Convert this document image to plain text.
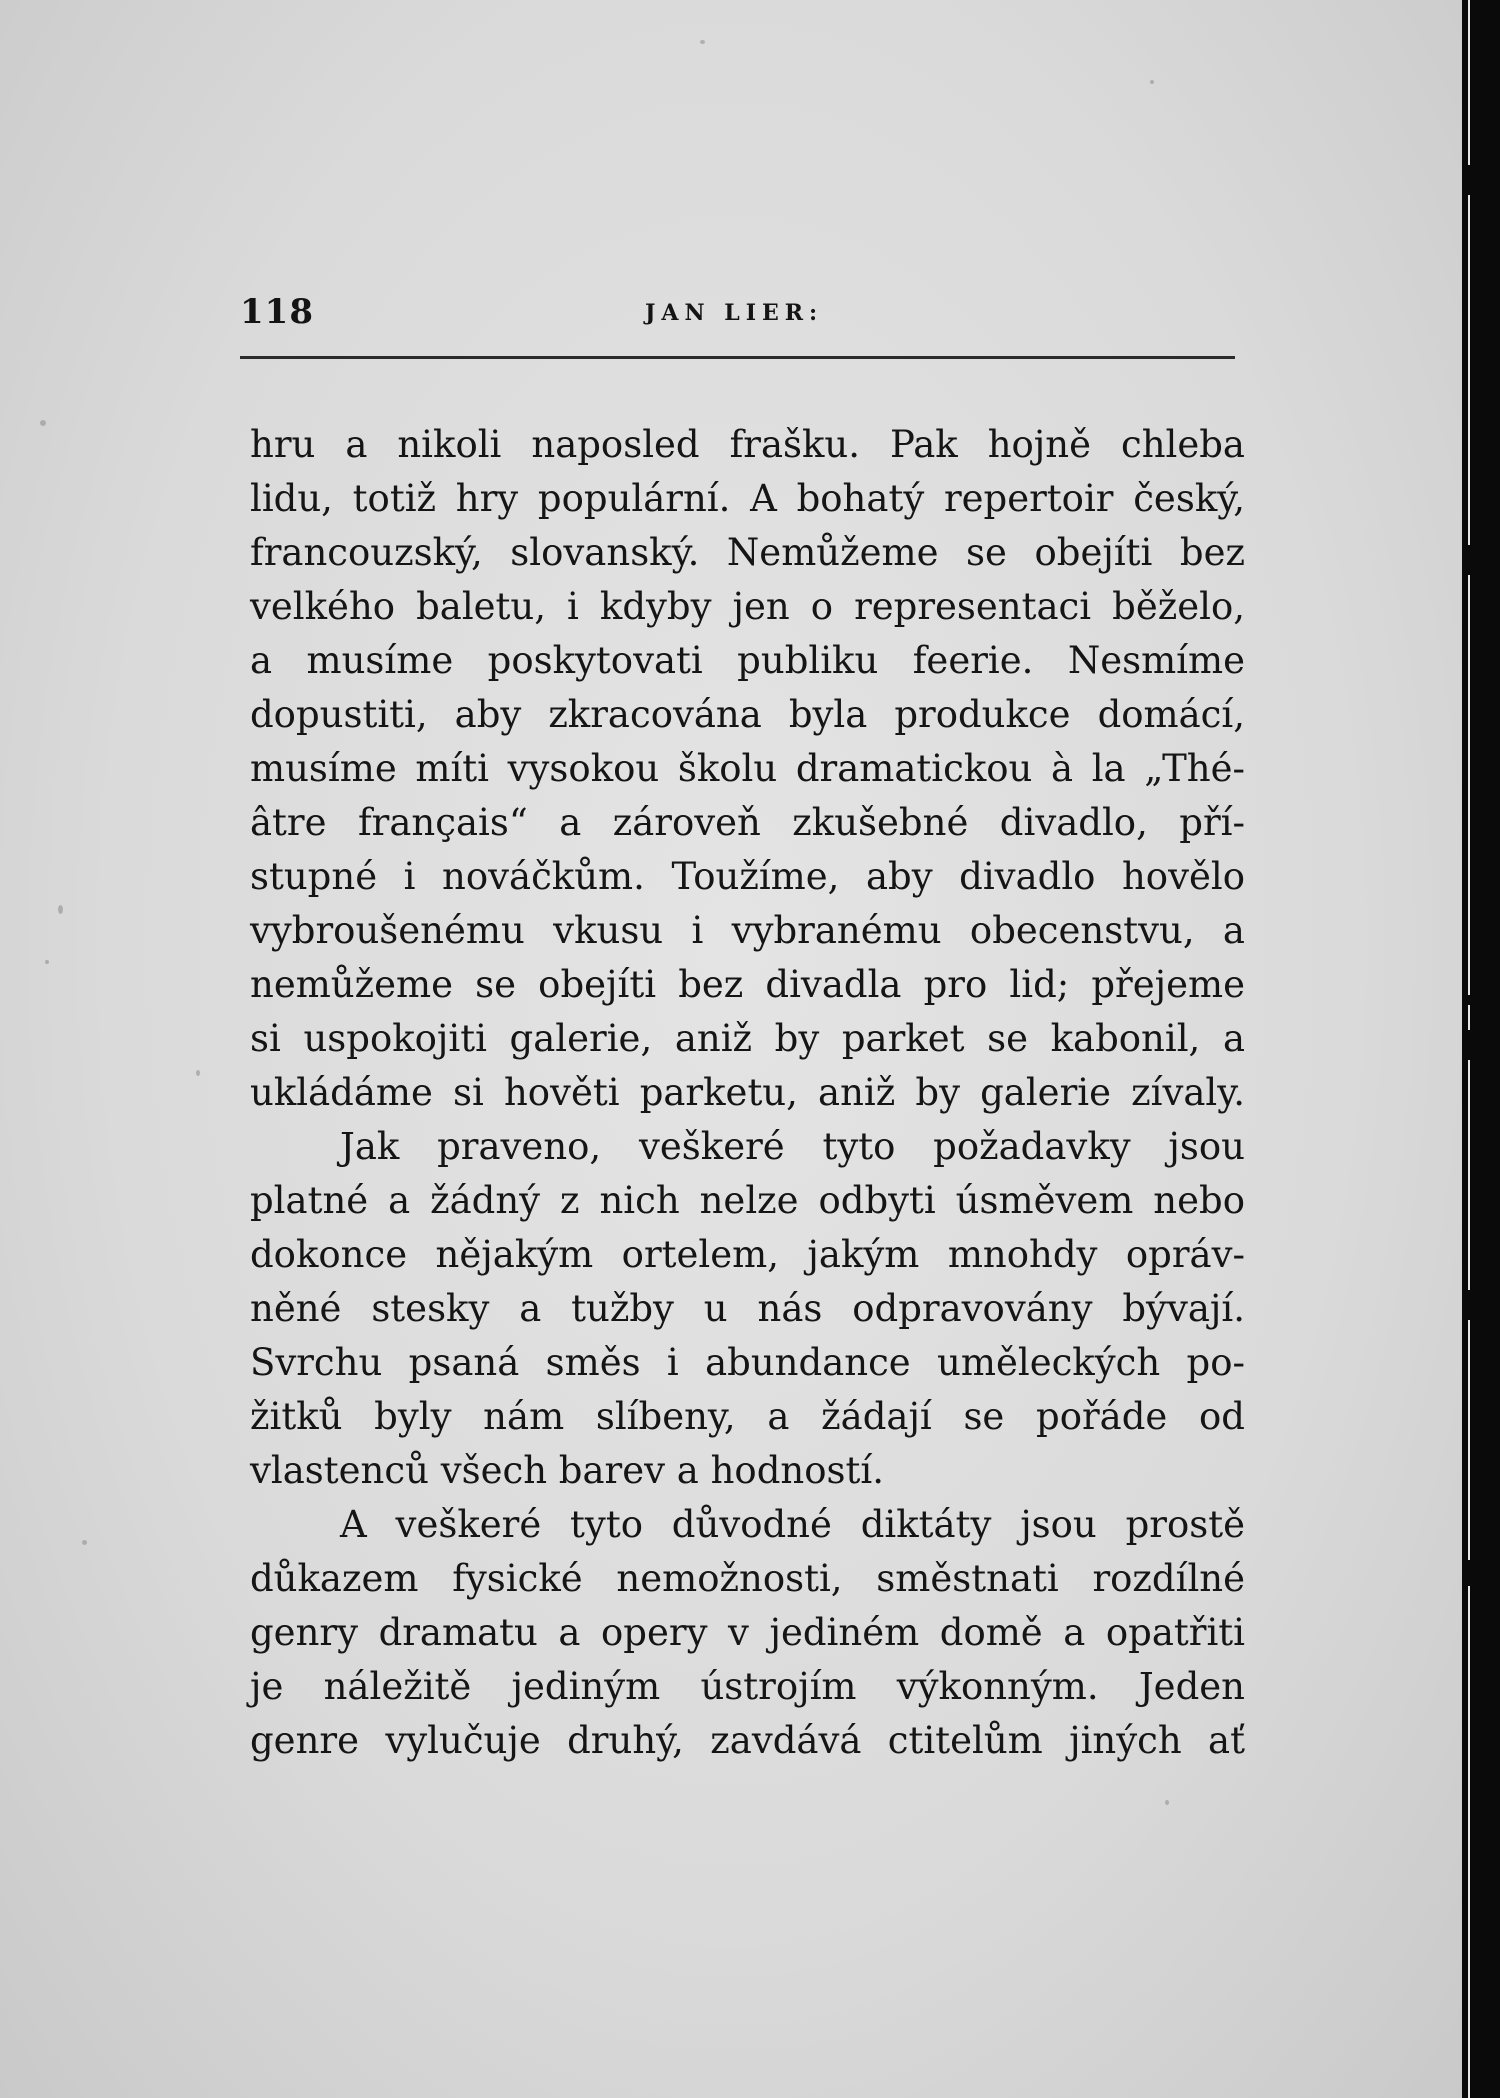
118	JAN LIER:
hru a nikoli naposled frašku. Pak hojně chleba
lidu, totiž hry populární. A bohatý repertoir český,
francouzský, slovanský. Nemůžeme se obejíti bez
velkého baletu, i kdyby jen o representaci běželo,
a musíme poskytovati publiku feerie. Nesmíme
dopustiti, aby zkracována byla produkce domácí,
musíme míti vysokou školu dramatickou à la „Thé-
âtre français“ a zároveň zkušebné divadlo, pří-
stupné i nováčkům. Toužíme, aby divadlo hovělo
vybroušenému vkusu i vybranému obecenstvu, a
nemůžeme se obejíti bez divadla pro lid; přejeme
si uspokojiti galerie, aniž by parket se kabonil, a
ukládáme si hověti parketu, aniž by galerie zívaly.
Jak praveno, veškeré tyto požadavky jsou
platné a žádný z nich nelze odbyti úsměvem nebo
dokonce nějakým ortelem, jakým mnohdy opráv-
něné stesky a tužby u nás odpravovány bývají.
Svrchu psaná směs i abundance uměleckých po-
žitků byly nám slíbeny, a žádají se pořáde od
vlastenců všech barev a hodností.
A veškeré tyto důvodné diktáty jsou prostě
důkazem fysické nemožnosti, směstnati rozdílné
genry dramatu a opery v jediném domě a opatřiti
je náležitě jediným ústrojím výkonným. Jeden
genre vylučuje druhý, zavdává ctitelům jiných ať
